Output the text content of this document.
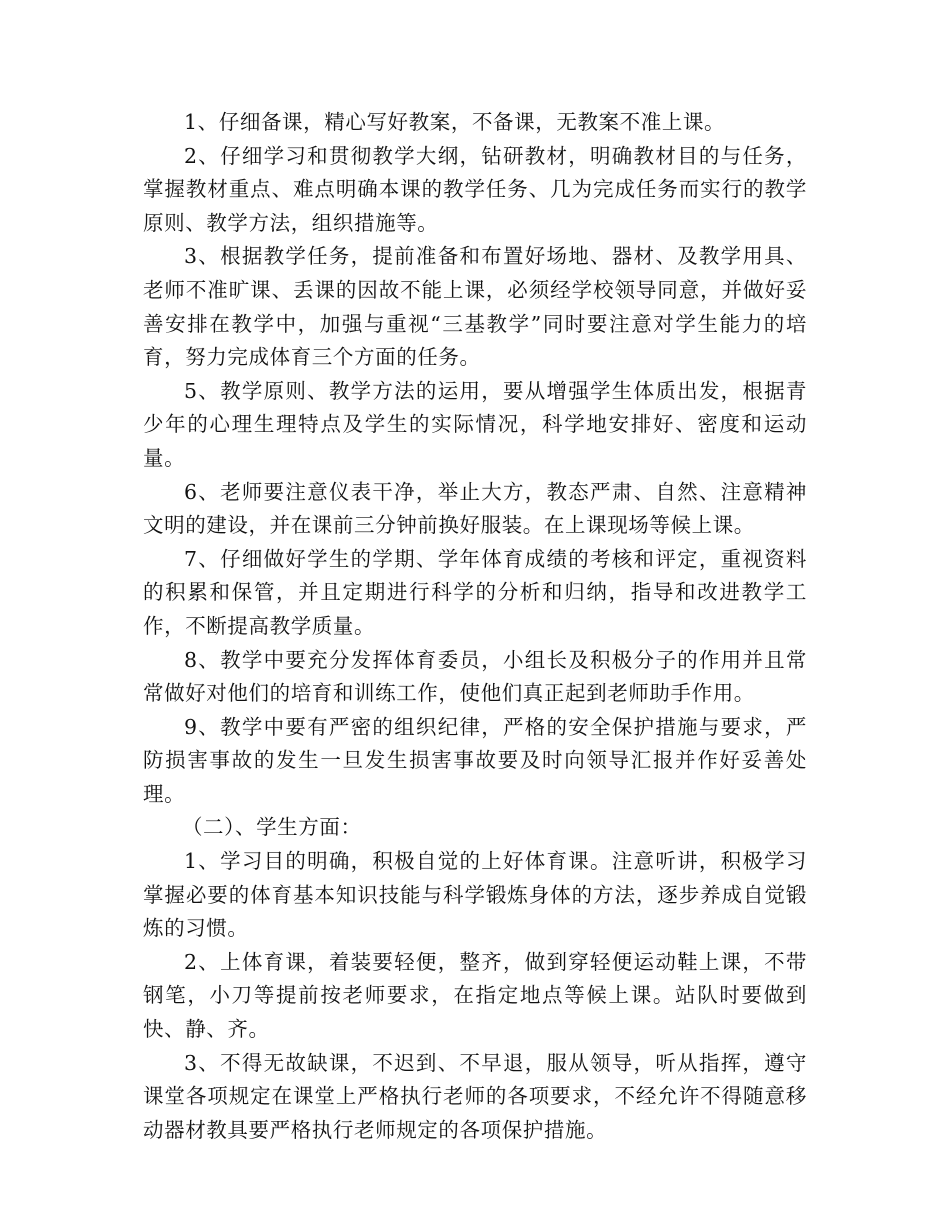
1、仔细备课，精心写好教案，不备课，无教案不准上课。

2、仔细学习和贯彻教学大纲，钻研教材，明确教材目的与任务，掌握教材重点、难点明确本课的教学任务、几为完成任务而实行的教学原则、教学方法，组织措施等。

3、根据教学任务，提前准备和布置好场地、器材、及教学用具、老师不准旷课、丢课的因故不能上课，必须经学校领导同意，并做好妥善安排在教学中，加强与重视“三基教学”同时要注意对学生能力的培育，努力完成体育三个方面的任务。

5、教学原则、教学方法的运用，要从增强学生体质出发，根据青少年的心理生理特点及学生的实际情况，科学地安排好、密度和运动量。

6、老师要注意仪表干净，举止大方，教态严肃、自然、注意精神文明的建设，并在课前三分钟前换好服装。在上课现场等候上课。

7、仔细做好学生的学期、学年体育成绩的考核和评定，重视资料的积累和保管，并且定期进行科学的分析和归纳，指导和改进教学工作，不断提高教学质量。

8、教学中要充分发挥体育委员，小组长及积极分子的作用并且常常做好对他们的培育和训练工作，使他们真正起到老师助手作用。

9、教学中要有严密的组织纪律，严格的安全保护措施与要求，严防损害事故的发生一旦发生损害事故要及时向领导汇报并作好妥善处理。

（二）、学生方面：

1、学习目的明确，积极自觉的上好体育课。注意听讲，积极学习掌握必要的体育基本知识技能与科学锻炼身体的方法，逐步养成自觉锻炼的习惯。

2、上体育课，着装要轻便，整齐，做到穿轻便运动鞋上课，不带钢笔，小刀等提前按老师要求，在指定地点等候上课。站队时要做到快、静、齐。

3、不得无故缺课，不迟到、不早退，服从领导，听从指挥，遵守课堂各项规定在课堂上严格执行老师的各项要求，不经允许不得随意移动器材教具要严格执行老师规定的各项保护措施。
